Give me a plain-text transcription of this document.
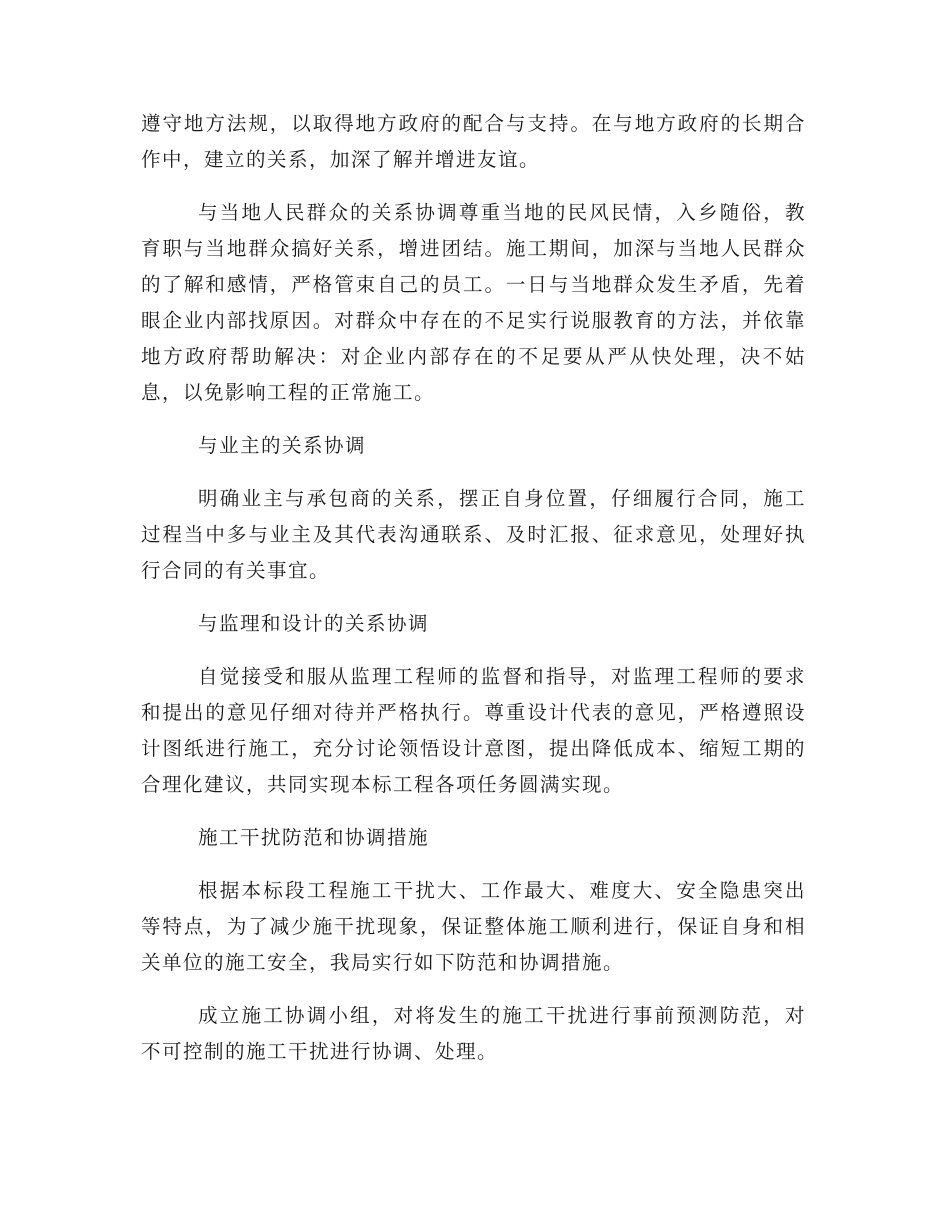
遵守地方法规，以取得地方政府的配合与支持。在与地方政府的长期合作中，建立的关系，加深了解并增进友谊。

与当地人民群众的关系协调尊重当地的民风民情，入乡随俗，教育职与当地群众搞好关系，增进团结。施工期间，加深与当地人民群众的了解和感情，严格管束自己的员工。一日与当地群众发生矛盾，先着眼企业内部找原因。对群众中存在的不足实行说服教育的方法，并依靠地方政府帮助解决：对企业内部存在的不足要从严从快处理，决不姑息，以免影响工程的正常施工。

与业主的关系协调

明确业主与承包商的关系，摆正自身位置，仔细履行合同，施工过程当中多与业主及其代表沟通联系、及时汇报、征求意见，处理好执行合同的有关事宜。

与监理和设计的关系协调

自觉接受和服从监理工程师的监督和指导，对监理工程师的要求和提出的意见仔细对待并严格执行。尊重设计代表的意见，严格遵照设计图纸进行施工，充分讨论领悟设计意图，提出降低成本、缩短工期的合理化建议，共同实现本标工程各项任务圆满实现。

施工干扰防范和协调措施

根据本标段工程施工干扰大、工作最大、难度大、安全隐患突出等特点，为了减少施干扰现象，保证整体施工顺利进行，保证自身和相关单位的施工安全，我局实行如下防范和协调措施。

成立施工协调小组，对将发生的施工干扰进行事前预测防范，对不可控制的施工干扰进行协调、处理。
